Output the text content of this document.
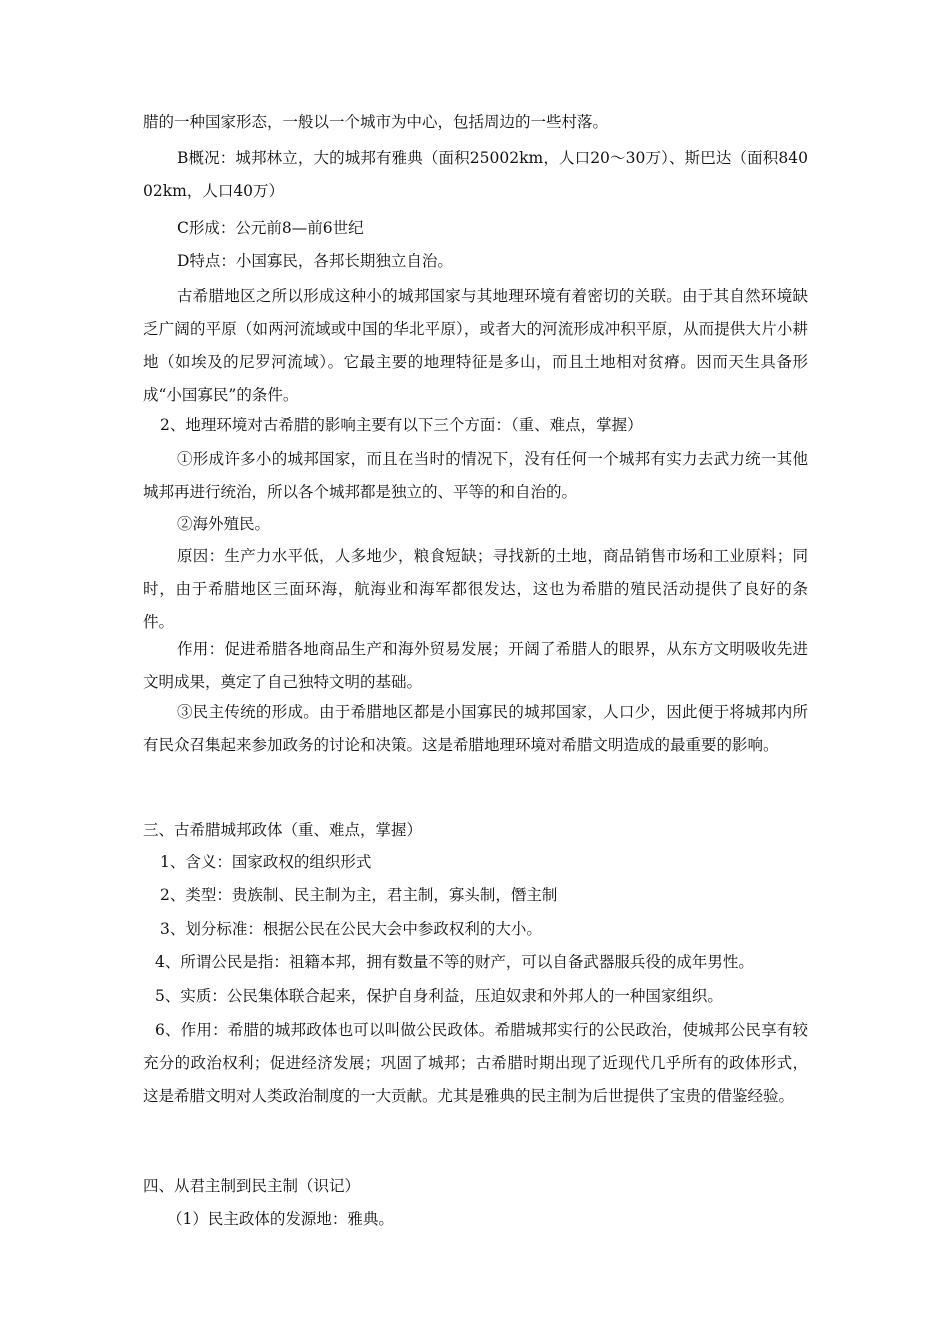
腊的一种国家形态，一般以一个城市为中心，包括周边的一些村落。

B概况：城邦林立，大的城邦有雅典（面积25002km，人口20～30万）、斯巴达（面积84002km，人口40万）

C形成：公元前8—前6世纪

D特点：小国寡民，各邦长期独立自治。

古希腊地区之所以形成这种小的城邦国家与其地理环境有着密切的关联。由于其自然环境缺乏广阔的平原（如两河流域或中国的华北平原），或者大的河流形成冲积平原，从而提供大片小耕地（如埃及的尼罗河流域）。它最主要的地理特征是多山，而且土地相对贫瘠。因而天生具备形成“小国寡民”的条件。

2、地理环境对古希腊的影响主要有以下三个方面：（重、难点，掌握）

①形成许多小的城邦国家，而且在当时的情况下，没有任何一个城邦有实力去武力统一其他城邦再进行统治，所以各个城邦都是独立的、平等的和自治的。

②海外殖民。

原因：生产力水平低，人多地少，粮食短缺；寻找新的土地，商品销售市场和工业原料；同时，由于希腊地区三面环海，航海业和海军都很发达，这也为希腊的殖民活动提供了良好的条件。

作用：促进希腊各地商品生产和海外贸易发展；开阔了希腊人的眼界，从东方文明吸收先进文明成果，奠定了自己独特文明的基础。

③民主传统的形成。由于希腊地区都是小国寡民的城邦国家，人口少，因此便于将城邦内所有民众召集起来参加政务的讨论和决策。这是希腊地理环境对希腊文明造成的最重要的影响。

三、古希腊城邦政体（重、难点，掌握）

1、含义：国家政权的组织形式

2、类型：贵族制、民主制为主，君主制，寡头制，僭主制

3、划分标准：根据公民在公民大会中参政权利的大小。

4、所谓公民是指：祖籍本邦，拥有数量不等的财产，可以自备武器服兵役的成年男性。

5、实质：公民集体联合起来，保护自身利益，压迫奴隶和外邦人的一种国家组织。

6、作用：希腊的城邦政体也可以叫做公民政体。希腊城邦实行的公民政治，使城邦公民享有较充分的政治权利；促进经济发展；巩固了城邦；古希腊时期出现了近现代几乎所有的政体形式，这是希腊文明对人类政治制度的一大贡献。尤其是雅典的民主制为后世提供了宝贵的借鉴经验。

四、从君主制到民主制（识记）

（1）民主政体的发源地：雅典。
